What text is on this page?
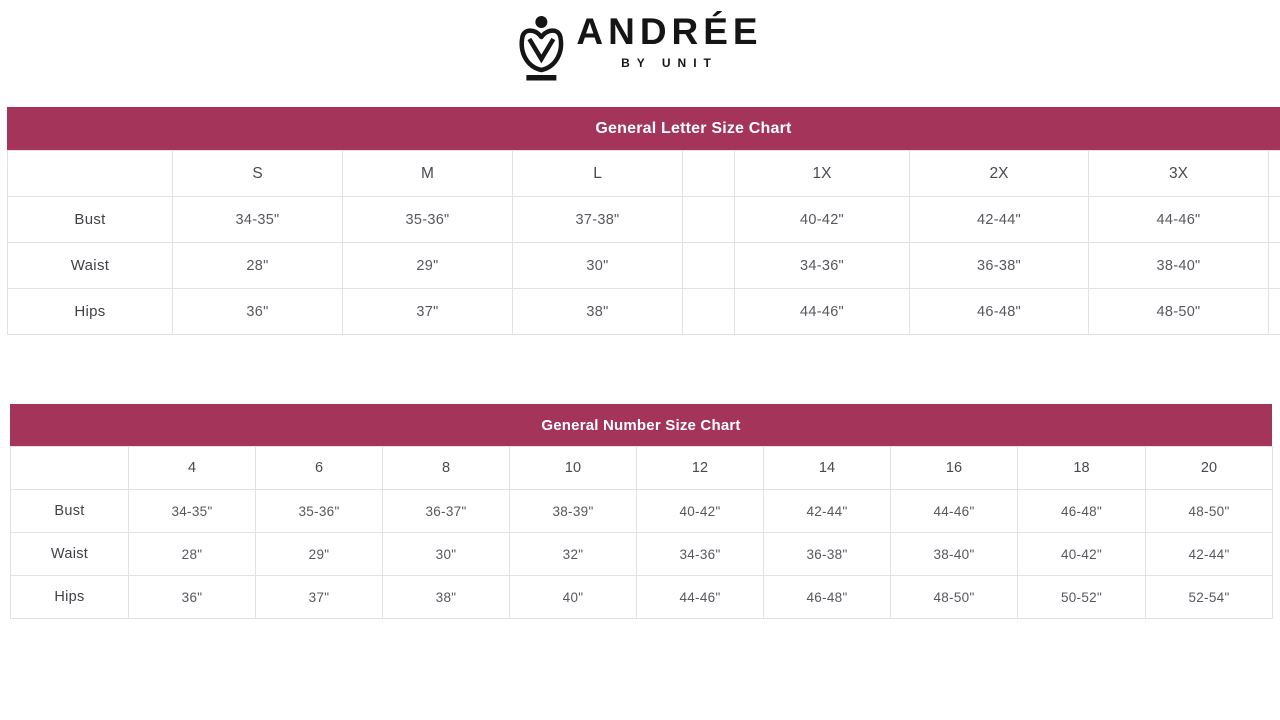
ANDRÉE
BY UNIT
General Letter Size Chart
	S	M	L		1X	2X	3X	
Bust	34-35"	35-36"	37-38"		40-42"	42-44"	44-46"	
Waist	28"	29"	30"		34-36"	36-38"	38-40"	
Hips	36"	37"	38"		44-46"	46-48"	48-50"	
General Number Size Chart
	4	6	8	10	12	14	16	18	20
Bust	34-35"	35-36"	36-37"	38-39"	40-42"	42-44"	44-46"	46-48"	48-50"
Waist	28"	29"	30"	32"	34-36"	36-38"	38-40"	40-42"	42-44"
Hips	36"	37"	38"	40"	44-46"	46-48"	48-50"	50-52"	52-54"
